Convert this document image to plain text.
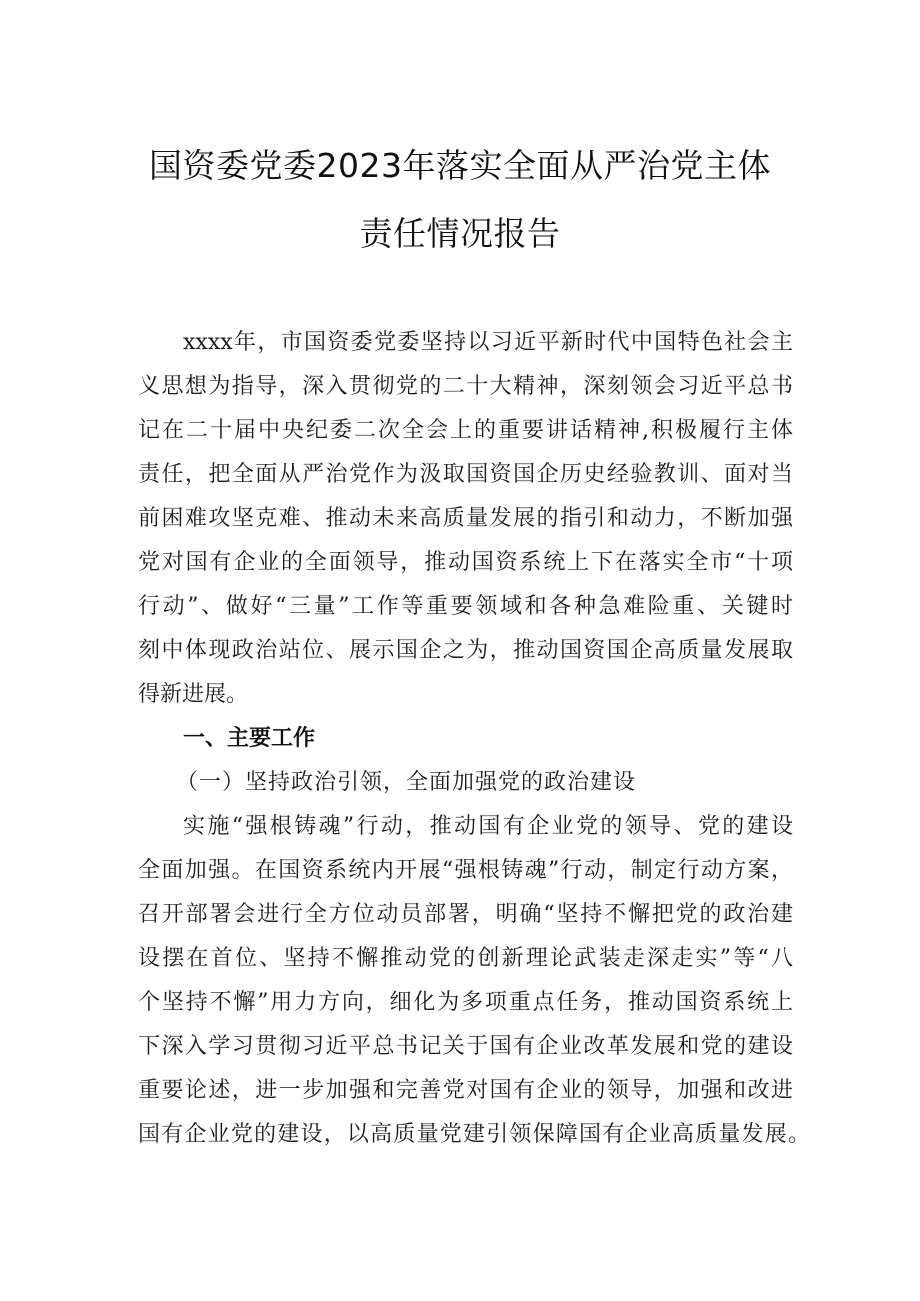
国资委党委2023年落实全面从严治党主体
责任情况报告
xxxx年，市国资委党委坚持以习近平新时代中国特色社会主
义思想为指导，深入贯彻党的二十大精神，深刻领会习近平总书
记在二十届中央纪委二次全会上的重要讲话精神,积极履行主体
责任，把全面从严治党作为汲取国资国企历史经验教训、面对当
前困难攻坚克难、推动未来高质量发展的指引和动力，不断加强
党对国有企业的全面领导，推动国资系统上下在落实全市“十项
行动”、做好“三量”工作等重要领域和各种急难险重、关键时
刻中体现政治站位、展示国企之为，推动国资国企高质量发展取
得新进展。
一、主要工作
（一）坚持政治引领，全面加强党的政治建设
实施“强根铸魂”行动，推动国有企业党的领导、党的建设
全面加强。在国资系统内开展“强根铸魂”行动，制定行动方案，
召开部署会进行全方位动员部署，明确“坚持不懈把党的政治建
设摆在首位、坚持不懈推动党的创新理论武装走深走实”等“八
个坚持不懈”用力方向，细化为多项重点任务，推动国资系统上
下深入学习贯彻习近平总书记关于国有企业改革发展和党的建设
重要论述，进一步加强和完善党对国有企业的领导，加强和改进
国有企业党的建设，以高质量党建引领保障国有企业高质量发展。
